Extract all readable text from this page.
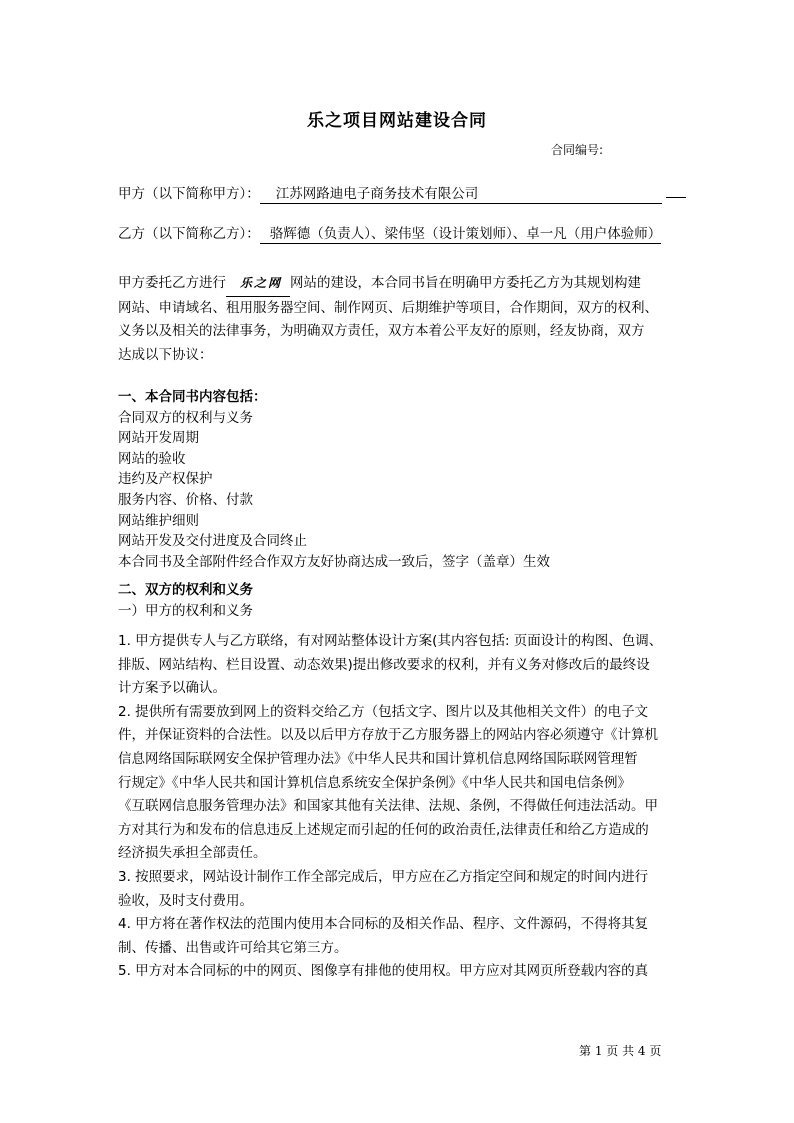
乐之项目网站建设合同
合同编号:
甲方（以下简称甲方）： 江苏网路迪电子商务技术有限公司
乙方（以下简称乙方）： 骆辉德（负责人）、梁伟坚（设计策划师）、卓一凡（用户体验师）
甲方委托乙方进行 乐之网 网站的建设，本合同书旨在明确甲方委托乙方为其规划构建
网站、申请域名、租用服务器空间、制作网页、后期维护等项目，合作期间，双方的权利、
义务以及相关的法律事务，为明确双方责任，双方本着公平友好的原则，经友协商，双方
达成以下协议：
一、本合同书内容包括：
合同双方的权利与义务
网站开发周期
网站的验收
违约及产权保护
服务内容、价格、付款
网站维护细则
网站开发及交付进度及合同终止
本合同书及全部附件经合作双方友好协商达成一致后，签字（盖章）生效
二、双方的权利和义务
一）甲方的权利和义务
1. 甲方提供专人与乙方联络，有对网站整体设计方案(其内容包括: 页面设计的构图、色调、
排版、网站结构、栏目设置、动态效果)提出修改要求的权利，并有义务对修改后的最终设
计方案予以确认。
2. 提供所有需要放到网上的资料交给乙方（包括文字、图片以及其他相关文件）的电子文
件，并保证资料的合法性。以及以后甲方存放于乙方服务器上的网站内容必须遵守《计算机
信息网络国际联网安全保护管理办法》《中华人民共和国计算机信息网络国际联网管理暂
行规定》《中华人民共和国计算机信息系统安全保护条例》《中华人民共和国电信条例》
《互联网信息服务管理办法》和国家其他有关法律、法规、条例，不得做任何违法活动。甲
方对其行为和发布的信息违反上述规定而引起的任何的政治责任,法律责任和给乙方造成的
经济损失承担全部责任。
3. 按照要求，网站设计制作工作全部完成后，甲方应在乙方指定空间和规定的时间内进行
验收，及时支付费用。
4. 甲方将在著作权法的范围内使用本合同标的及相关作品、程序、文件源码，不得将其复
制、传播、出售或许可给其它第三方。
5. 甲方对本合同标的中的网页、图像享有排他的使用权。甲方应对其网页所登载内容的真
第 1 页 共 4 页
